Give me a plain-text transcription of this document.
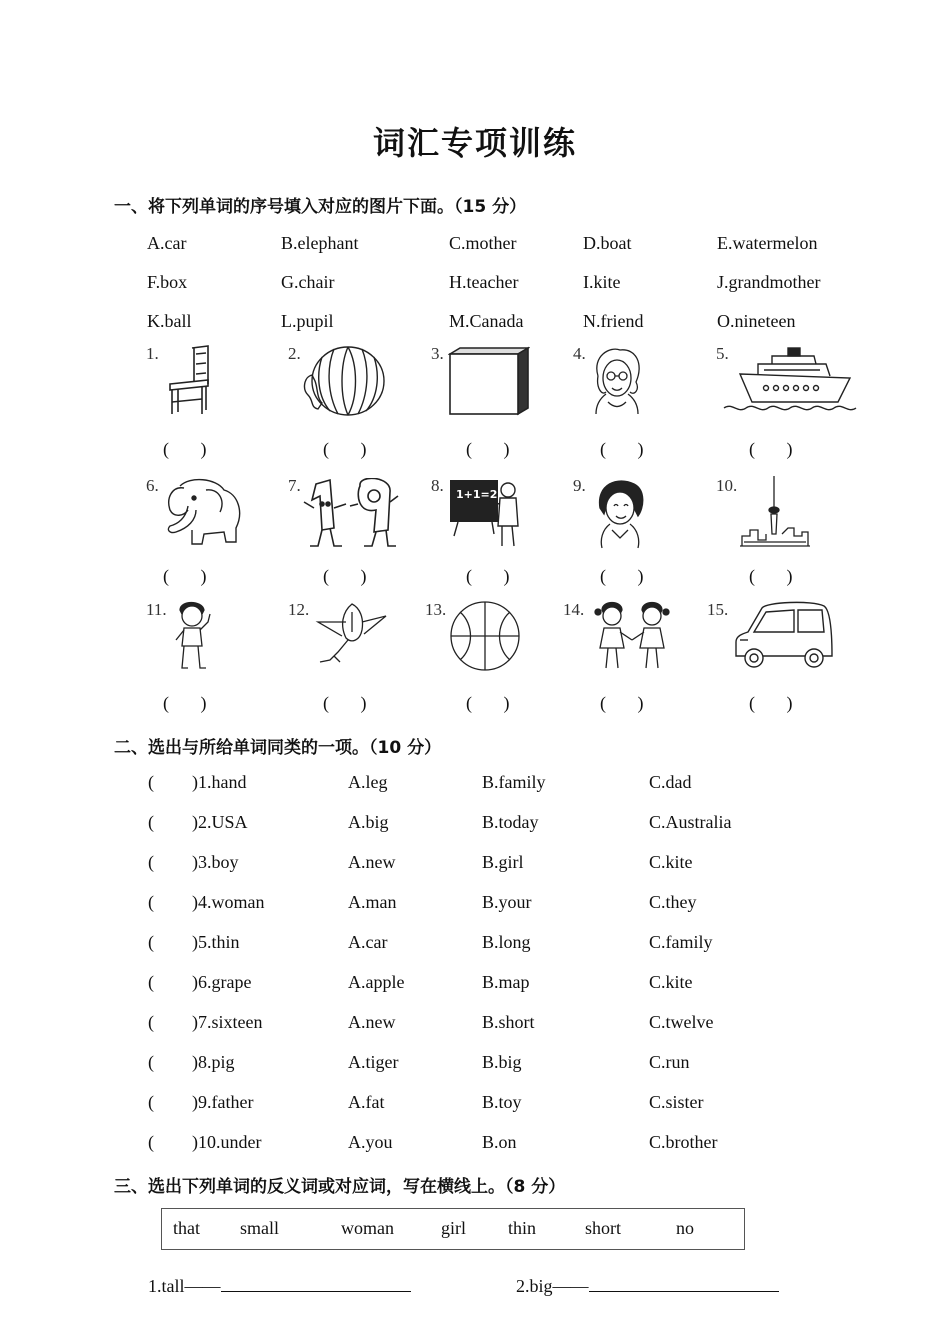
词汇专项训练
一、将下列单词的序号填入对应的图片下面。（15 分）
A.car	B.elephant	C.mother	D.boat	E.watermelon
F.box	G.chair	H.teacher	I.kite	J.grandmother
K.ball	L.pupil	M.Canada	N.friend	O.nineteen
1.	2.	3.	4.	5.
(       )	(       )	(       )	(       )	(       )
6.	7.	8.	9.	10.
1+1=2
(       )	(       )	(       )	(       )	(       )
11.	12.	13.	14.	15.
(       )	(       )	(       )	(       )	(       )
二、选出与所给单词同类的一项。（10 分）
( )1.hand	A.leg	B.family	C.dad
( )2.USA	A.big	B.today	C.Australia
( )3.boy	A.new	B.girl	C.kite
( )4.woman	A.man	B.your	C.they
( )5.thin	A.car	B.long	C.family
( )6.grape	A.apple	B.map	C.kite
( )7.sixteen	A.new	B.short	C.twelve
( )8.pig	A.tiger	B.big	C.run
( )9.father	A.fat	B.toy	C.sister
( )10.under	A.you	B.on	C.brother
三、选出下列单词的反义词或对应词，写在横线上。（8 分）
that small	woman	girl thin	short	no
1.tall——	2.big——
